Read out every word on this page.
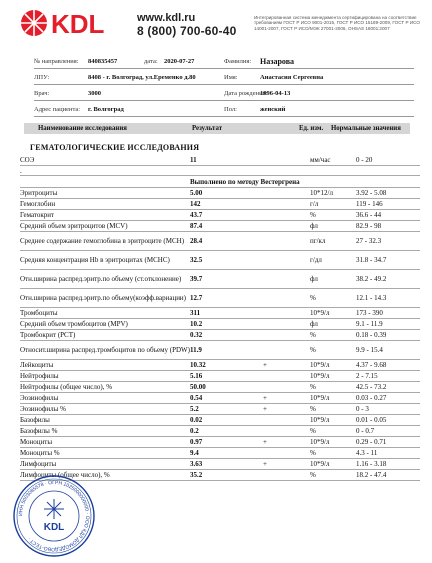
KDL	www.kdl.ru
8 (800) 700-60-40
Интегрированная система менеджмента сертифицирована на соответствие требованиям ГОСТ Р ИСО 9001-2015, ГОСТ Р ИСО 15189-2009, ГОСТ Р ИСО 14001-2007, ГОСТ Р ИСО/МЭК 27001-2006, OHSAS 18001:2007
№ направления: 840835457	дата: 2020-07-27	Фамилия: Назарова
ЛПУ:	8408 - г. Волгоград, ул.Еременко д.80	Имя:	Анастасия Сергеевна
Врач:	3000	Дата рождения:
1996-04-13
Адрес пациента: г. Волгоград	Пол:	женский
Наименование исследования	Результат	Ед. изм. Нормальные значения
ГЕМАТОЛОГИЧЕСКИЕ ИССЛЕДОВАНИЯ
СОЭ	11	мм/час	0 - 20
.
Выполнено по методу Вестергрена
Эритроциты	5.00	10*12/л	3.92 - 5.08
Гемоглобин	142	г/л	119 - 146
Гематокрит	43.7	%	36.6 - 44
Средний объем эритроцитов (MCV)	87.4	фл	82.9 - 98
Среднее содержание гемоглобина в эритроците (MCH) 28.4	пг/кл	27 - 32.3
Средняя концентрация Hb в эритроцитах (MCHC)	32.5	г/дл	31.8 - 34.7
Отн.ширина распред.эритр.по объему (ст.отклонение)	39.7	фл	38.2 - 49.2
Отн.ширина распред.эритр.по объему(коэфф.вариации) 12.7	%	12.1 - 14.3
Тромбоциты	311	10*9/л	173 - 390
Средний объем тромбоцитов (MPV)	10.2	фл	9.1 - 11.9
Тромбокрит (PCT)	0.32	%	0.18 - 0.39
Относит.ширина распред.тромбоцитов по объему (PDW) 11.9	%	9.9 - 15.4
Лейкоциты	10.32	+	10*9/л	4.37 - 9.68
Нейтрофилы	5.16	10*9/л	2 - 7.15
Нейтрофилы (общее число), %	50.00	%	42.5 - 73.2
Эозинофилы	0.54	+	10*9/л	0.03 - 0.27
Эозинофилы %	5.2	+	%	0 - 3
Базофилы	0.02	10*9/л	0.01 - 0.05
Базофилы %	0.2	%	0 - 0.7
Моноциты	0.97	+	10*9/л	0.29 - 0.71
Моноциты %	9.4	%	4.3 - 11
Лимфоциты	3.63	+	10*9/л	1.16 - 3.18
Лимфоциты (общее число), %	35.2	%	18.2 - 47.4
ИНН 5003085578 · ОГРН 1025000000000 · ООО КДЛ ДОМОДЕДОВО-ТЕСТ ·
KDL
